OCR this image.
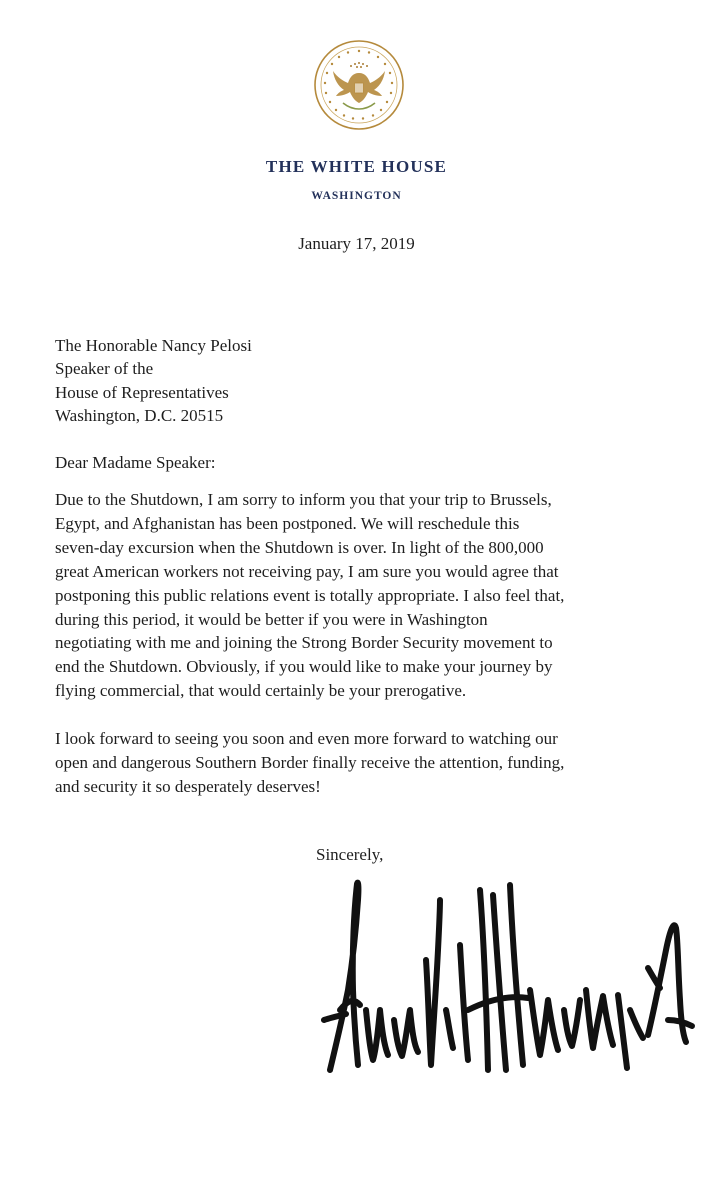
THE WHITE HOUSE
WASHINGTON
January 17, 2019
The Honorable Nancy Pelosi
Speaker of the
House of Representatives
Washington, D.C. 20515
Dear Madame Speaker:
Due to the Shutdown, I am sorry to inform you that your trip to Brussels,
Egypt, and Afghanistan has been postponed. We will reschedule this
seven-day excursion when the Shutdown is over. In light of the 800,000
great American workers not receiving pay, I am sure you would agree that
postponing this public relations event is totally appropriate. I also feel that,
during this period, it would be better if you were in Washington
negotiating with me and joining the Strong Border Security movement to
end the Shutdown. Obviously, if you would like to make your journey by
flying commercial, that would certainly be your prerogative.
I look forward to seeing you soon and even more forward to watching our
open and dangerous Southern Border finally receive the attention, funding,
and security it so desperately deserves!
Sincerely,
